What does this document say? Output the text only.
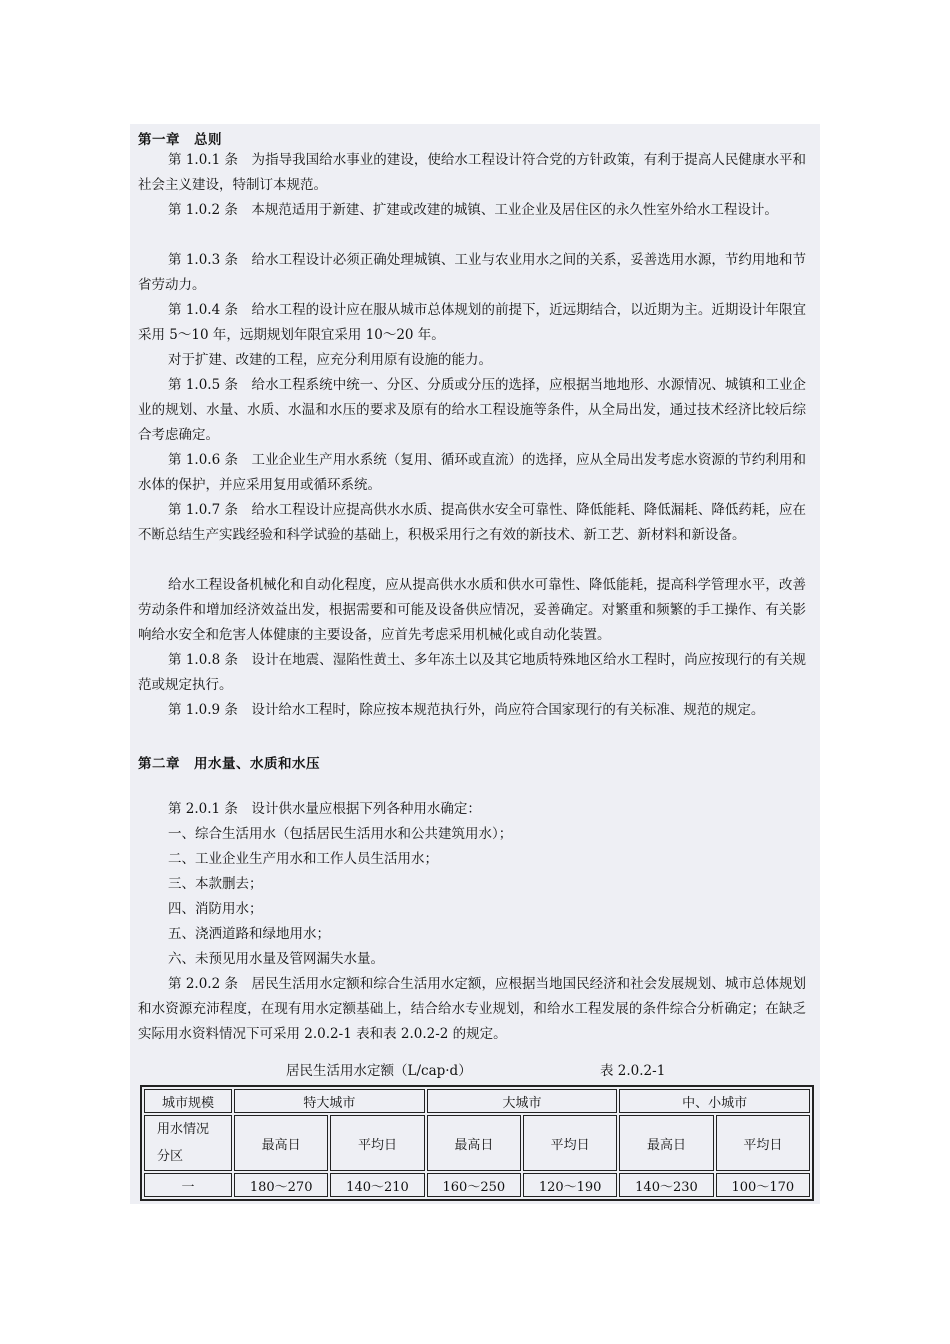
第一章　总则

第 1.0.1 条　为指导我国给水事业的建设，使给水工程设计符合党的方针政策，有利于提高人民健康水平和社会主义建设，特制订本规范。

第 1.0.2 条　本规范适用于新建、扩建或改建的城镇、工业企业及居住区的永久性室外给水工程设计。

第 1.0.3 条　给水工程设计必须正确处理城镇、工业与农业用水之间的关系，妥善选用水源，节约用地和节省劳动力。

第 1.0.4 条　给水工程的设计应在服从城市总体规划的前提下，近远期结合，以近期为主。近期设计年限宜采用 5～10 年，远期规划年限宜采用 10～20 年。

对于扩建、改建的工程，应充分利用原有设施的能力。

第 1.0.5 条　给水工程系统中统一、分区、分质或分压的选择，应根据当地地形、水源情况、城镇和工业企业的规划、水量、水质、水温和水压的要求及原有的给水工程设施等条件，从全局出发，通过技术经济比较后综合考虑确定。

第 1.0.6 条　工业企业生产用水系统（复用、循环或直流）的选择，应从全局出发考虑水资源的节约利用和水体的保护，并应采用复用或循环系统。

第 1.0.7 条　给水工程设计应提高供水水质、提高供水安全可靠性、降低能耗、降低漏耗、降低药耗，应在不断总结生产实践经验和科学试验的基础上，积极采用行之有效的新技术、新工艺、新材料和新设备。

给水工程设备机械化和自动化程度，应从提高供水水质和供水可靠性、降低能耗，提高科学管理水平，改善劳动条件和增加经济效益出发，根据需要和可能及设备供应情况，妥善确定。对繁重和频繁的手工操作、有关影响给水安全和危害人体健康的主要设备，应首先考虑采用机械化或自动化装置。

第 1.0.8 条　设计在地震、湿陷性黄土、多年冻土以及其它地质特殊地区给水工程时，尚应按现行的有关规范或规定执行。

第 1.0.9 条　设计给水工程时，除应按本规范执行外，尚应符合国家现行的有关标准、规范的规定。

第二章　用水量、水质和水压

第 2.0.1 条　设计供水量应根据下列各种用水确定：

一、综合生活用水（包括居民生活用水和公共建筑用水）；
二、工业企业生产用水和工作人员生活用水；
三、本款删去；
四、消防用水；
五、浇洒道路和绿地用水；
六、未预见用水量及管网漏失水量。

第 2.0.2 条　居民生活用水定额和综合生活用水定额，应根据当地国民经济和社会发展规划、城市总体规划和水资源充沛程度，在现有用水定额基础上，结合给水专业规划，和给水工程发展的条件综合分析确定；在缺乏实际用水资料情况下可采用 2.0.2-1 表和表 2.0.2-2 的规定。

居民生活用水定额（L/cap·d）	表 2.0.2-1
城市规模	特大城市		大城市		中、小城市	

用水情况
分区	最高日	平均日	最高日	平均日	最高日	平均日
一	180～270	140～210	160～250	120～190	140～230	100～170
